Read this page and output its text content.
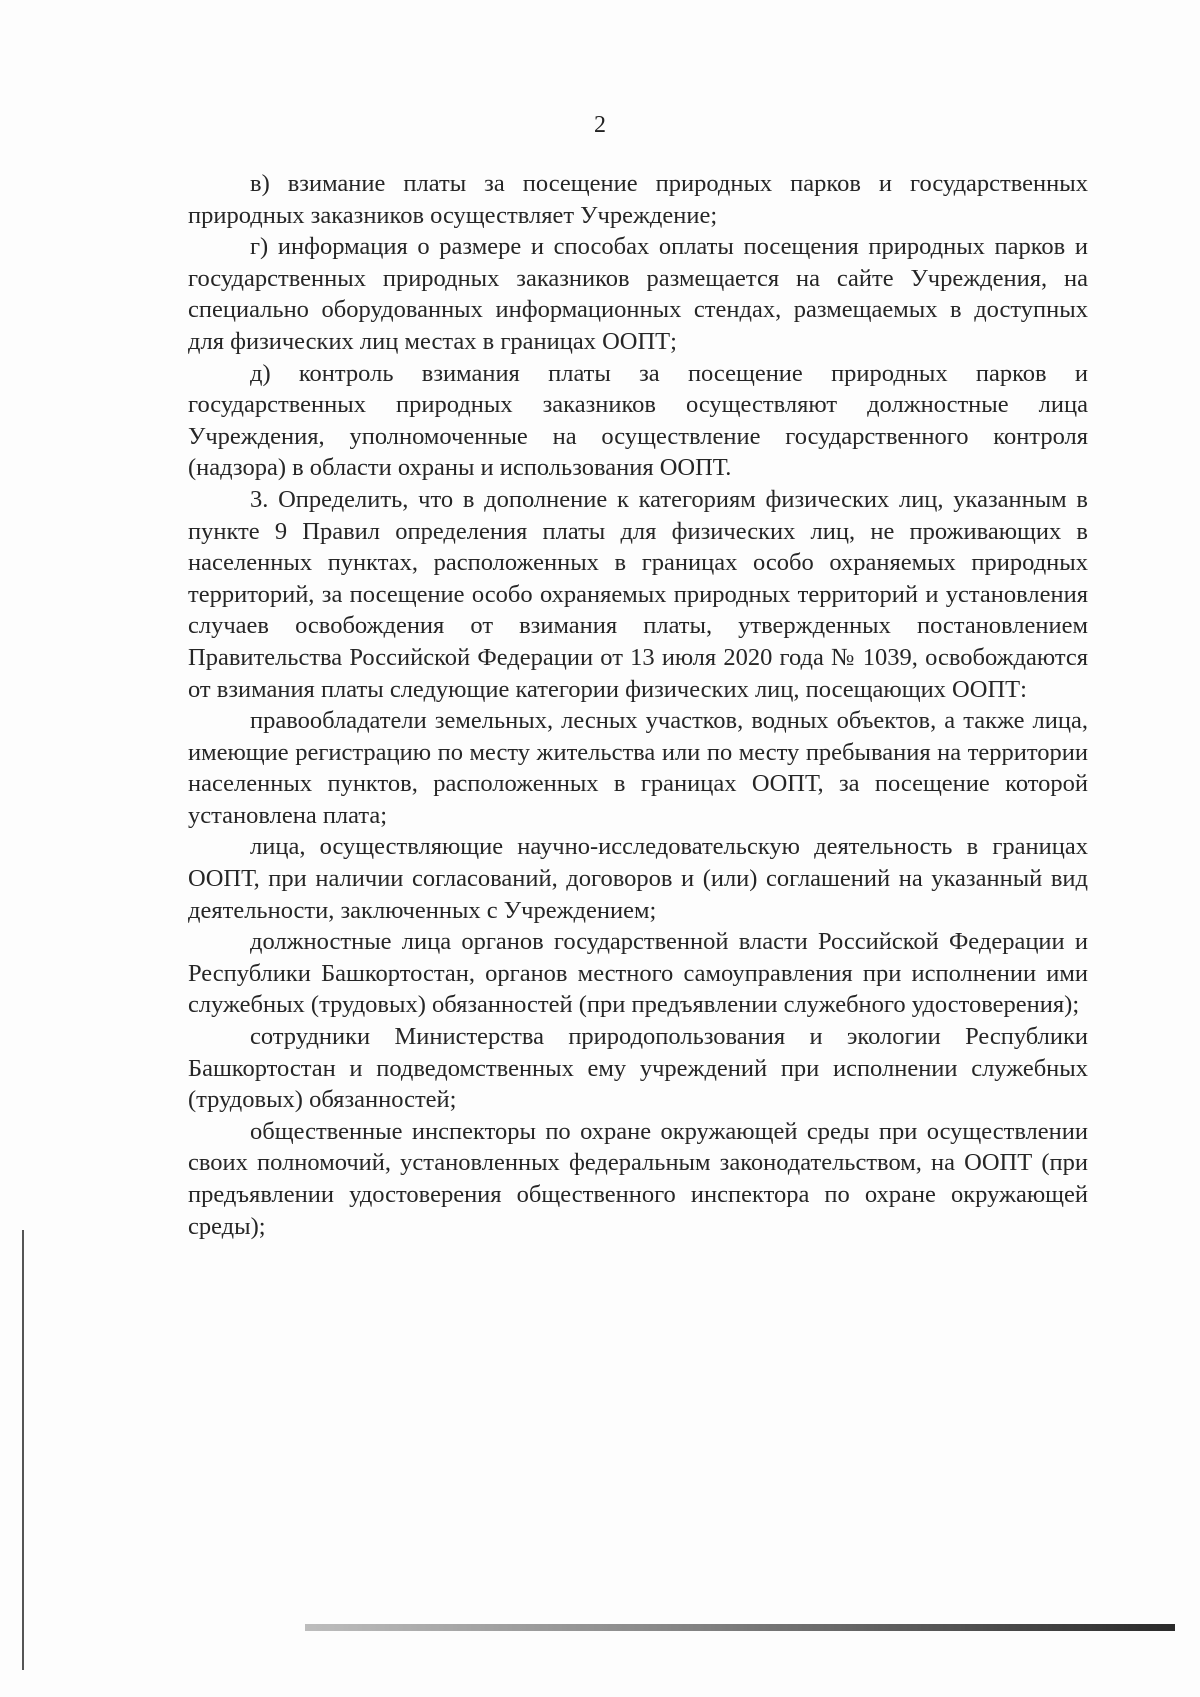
2

в) взимание платы за посещение природных парков и государственных природных заказников осуществляет Учреждение;

г) информация о размере и способах оплаты посещения природных парков и государственных природных заказников размещается на сайте Учреждения, на специально оборудованных информационных стендах, размещаемых в доступных для физических лиц местах в границах ООПТ;

д) контроль взимания платы за посещение природных парков и государственных природных заказников осуществляют должностные лица Учреждения, уполномоченные на осуществление государственного контроля (надзора) в области охраны и использования ООПТ.

3. Определить, что в дополнение к категориям физических лиц, указанным в пункте 9 Правил определения платы для физических лиц, не проживающих в населенных пунктах, расположенных в границах особо охраняемых природных территорий, за посещение особо охраняемых природных территорий и установления случаев освобождения от взимания платы, утвержденных постановлением Правительства Российской Федерации от 13 июля 2020 года № 1039, освобождаются от взимания платы следующие категории физических лиц, посещающих ООПТ:

правообладатели земельных, лесных участков, водных объектов, а также лица, имеющие регистрацию по месту жительства или по месту пребывания на территории населенных пунктов, расположенных в границах ООПТ, за посещение которой установлена плата;

лица, осуществляющие научно-исследовательскую деятельность в границах ООПТ, при наличии согласований, договоров и (или) соглашений на указанный вид деятельности, заключенных с Учреждением;

должностные лица органов государственной власти Российской Федерации и Республики Башкортостан, органов местного самоуправления при исполнении ими служебных (трудовых) обязанностей (при предъявлении служебного удостоверения);

сотрудники Министерства природопользования и экологии Республики Башкортостан и подведомственных ему учреждений при исполнении служебных (трудовых) обязанностей;

общественные инспекторы по охране окружающей среды при осуществлении своих полномочий, установленных федеральным законодательством, на ООПТ (при предъявлении удостоверения общественного инспектора по охране окружающей среды);
